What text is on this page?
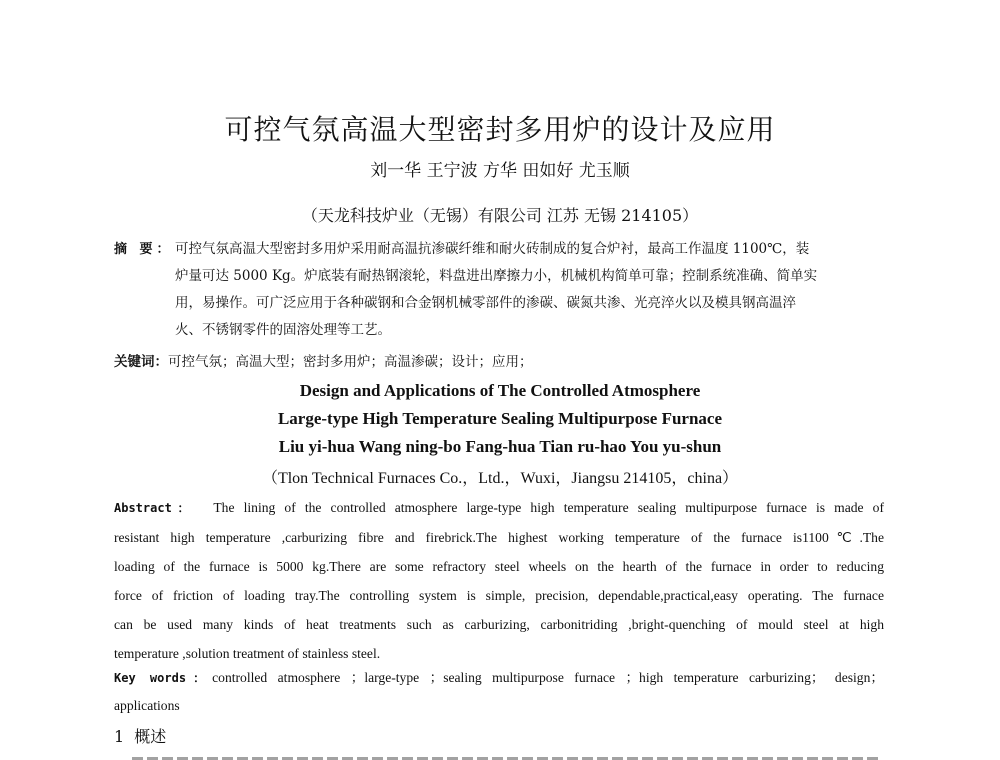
可控气氛高温大型密封多用炉的设计及应用
刘一华 王宁波 方华 田如好 尤玉顺
（天龙科技炉业（无锡）有限公司 江苏 无锡 214105）
摘 要： 可控气氛高温大型密封多用炉采用耐高温抗渗碳纤维和耐火砖制成的复合炉衬，最高工作温度 1100℃，装
炉量可达 5000 Kg。炉底装有耐热钢滚轮，料盘进出摩擦力小，机械机构简单可靠；控制系统准确、简单实
用，易操作。可广泛应用于各种碳钢和合金钢机械零部件的渗碳、碳氮共渗、光亮淬火以及模具钢高温淬
火、不锈钢零件的固溶处理等工艺。
关键词：可控气氛；高温大型；密封多用炉；高温渗碳；设计；应用；
Design and Applications of The Controlled Atmosphere
Large-type High Temperature Sealing Multipurpose Furnace
Liu yi-hua Wang ning-bo Fang-hua Tian ru-hao You yu-shun
（Tlon Technical Furnaces Co.，Ltd.，Wuxi，Jiangsu 214105，china）
Abstract： The lining of the controlled atmosphere large-type high temperature sealing multipurpose furnace is made of
resistant high temperature ,carburizing fibre and firebrick.The highest working temperature of the furnace is1100℃.The
loading of the furnace is 5000 kg.There are some refractory steel wheels on the hearth of the furnace in order to reducing
force of friction of loading tray.The controlling system is simple, precision, dependable,practical,easy operating. The furnace
can be used many kinds of heat treatments such as carburizing, carbonitriding ,bright-quenching of mould steel at high
temperature ,solution treatment of stainless steel.
Key words：controlled atmosphere ；large-type ；sealing multipurpose furnace ；high temperature carburizing； design；
applications
1 概述
